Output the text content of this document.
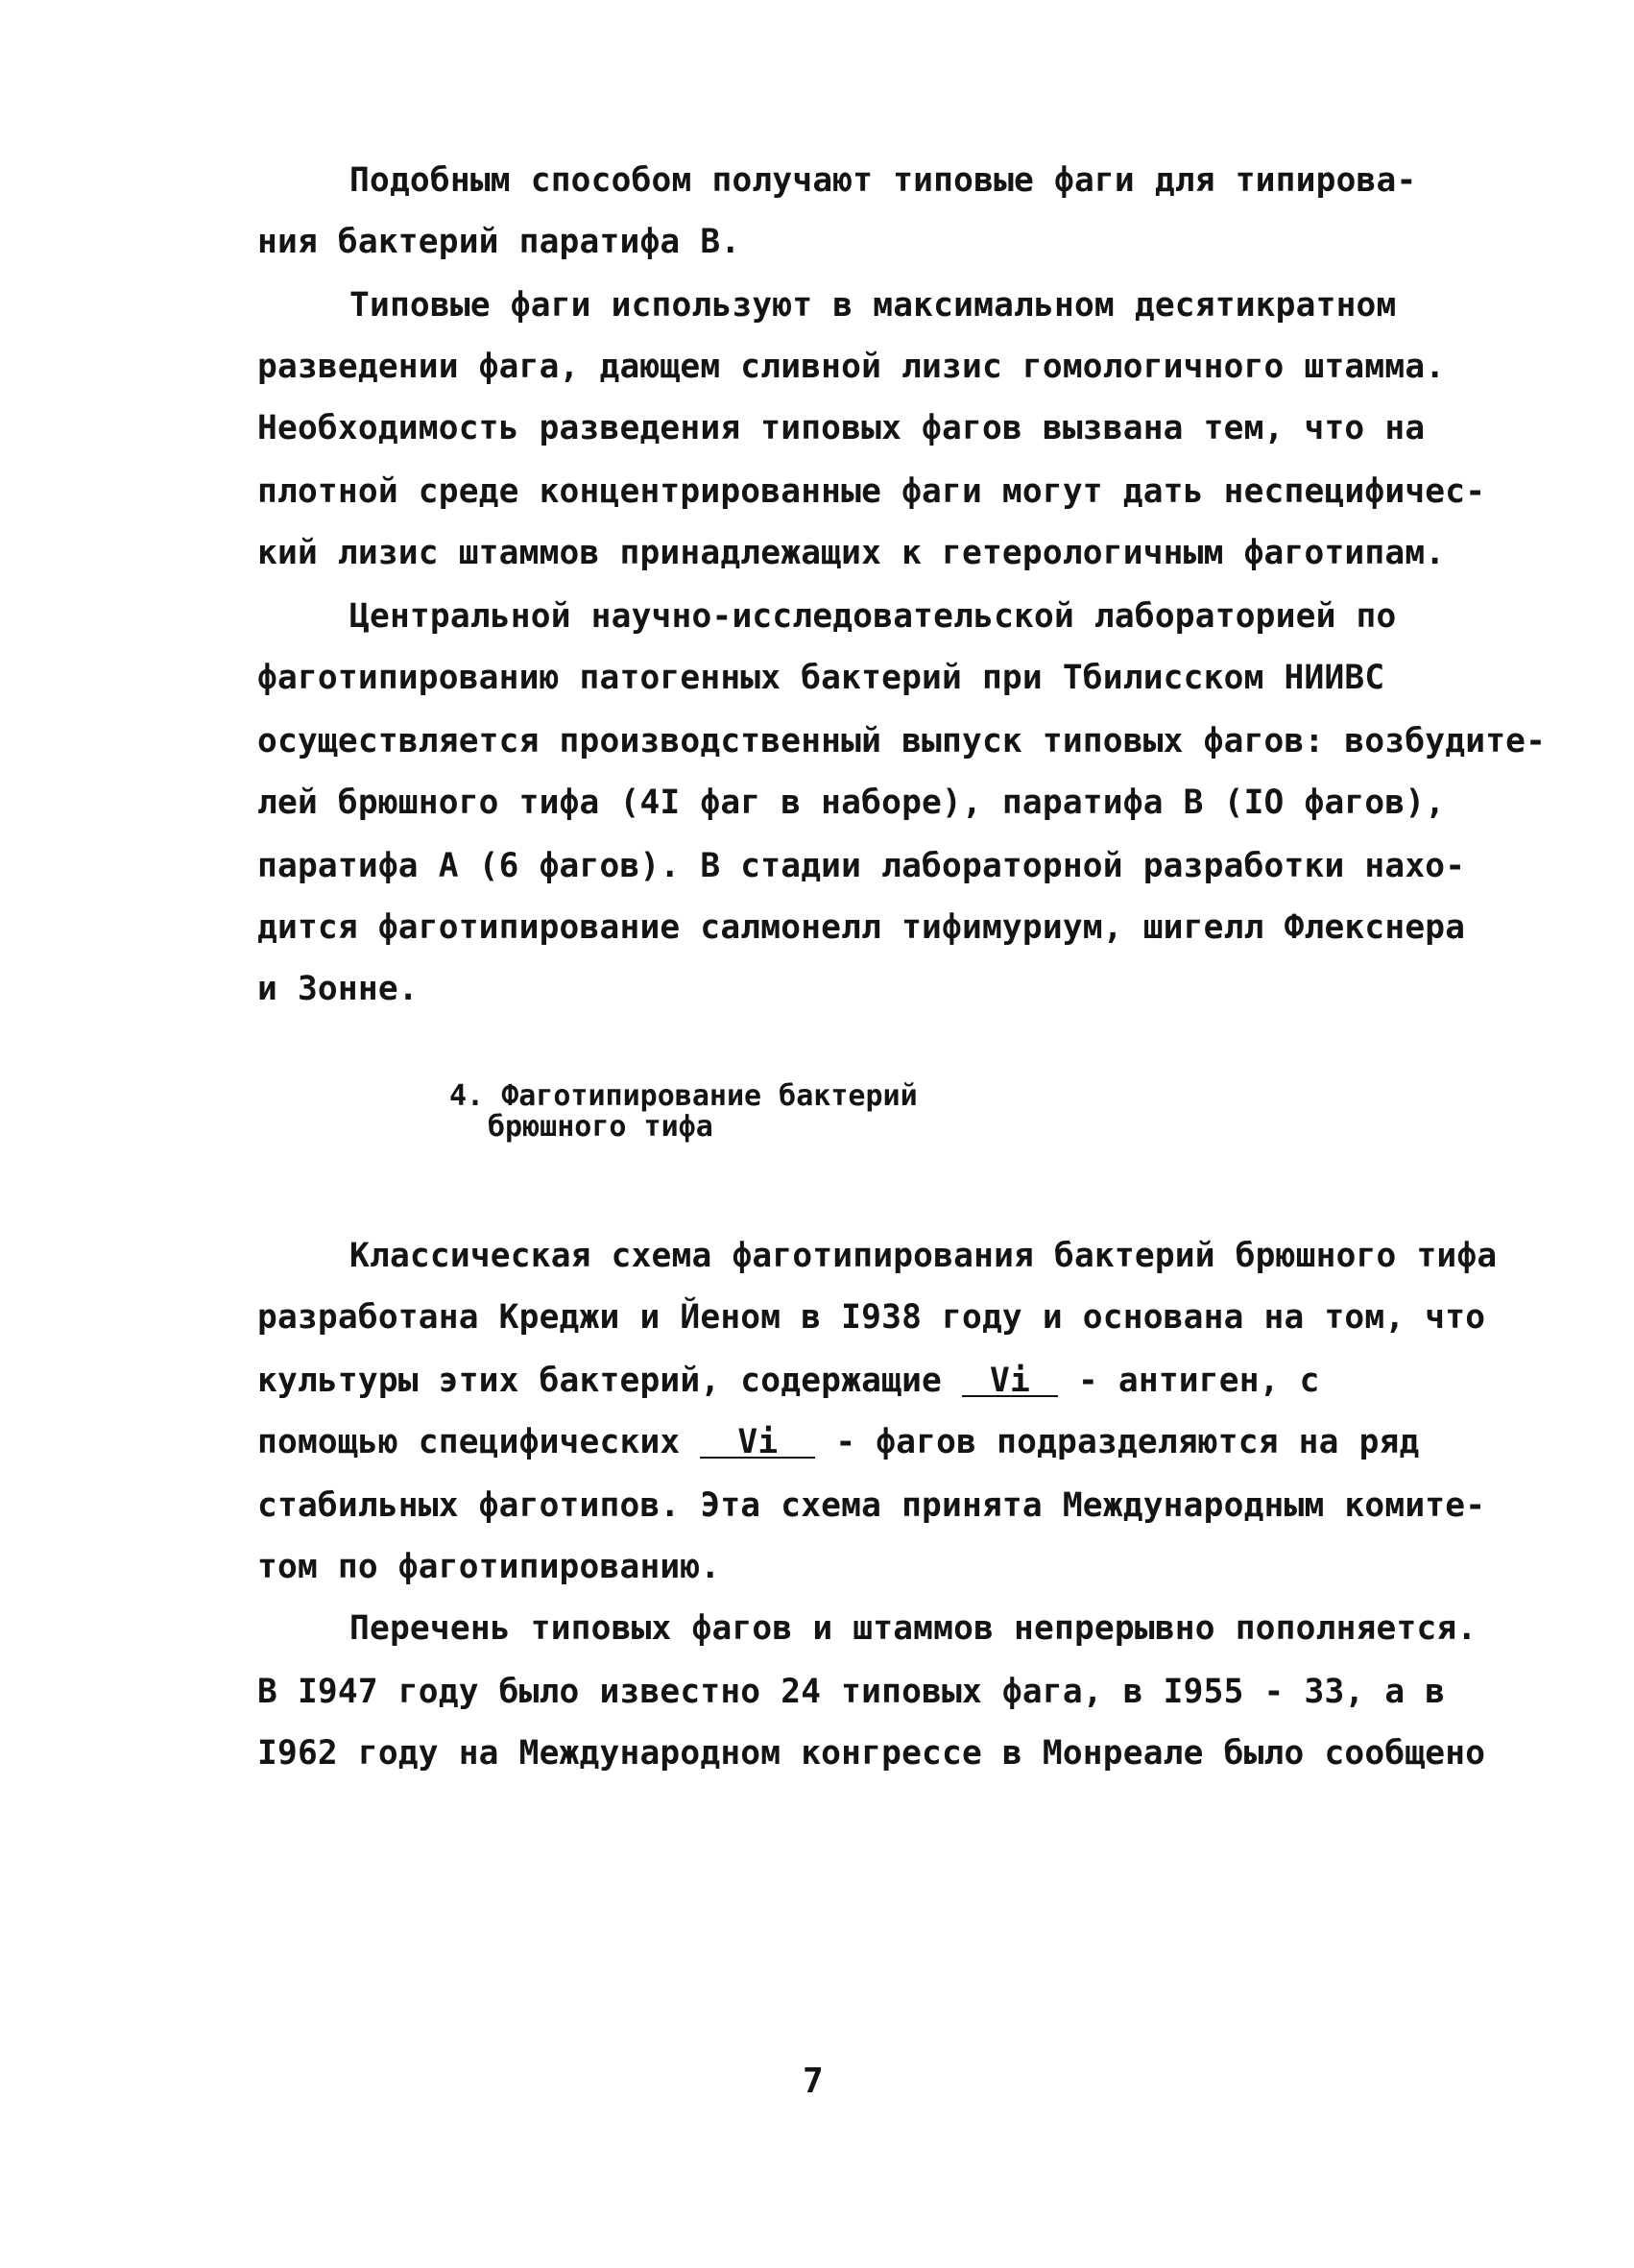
Подобным способом получают типовые фаги для типирова-
ния бактерий паратифа В.
Типовые фаги используют в максимальном десятикратном
разведении фага, дающем сливной лизис гомологичного штамма.
Необходимость разведения типовых фагов вызвана тем, что на
плотной среде концентрированные фаги могут дать неспецифичес-
кий лизис штаммов принадлежащих к гетерологичным фаготипам.
Центральной научно-исследовательской лабораторией по
фаготипированию патогенных бактерий при Тбилисском НИИВС
осуществляется производственный выпуск типовых фагов: возбудите-
лей брюшного тифа (4I фаг в наборе), паратифа В (IO фагов),
паратифа А (6 фагов). В стадии лабораторной разработки нахо-
дится фаготипирование салмонелл тифимуриум, шигелл Флекснера
и Зонне.
4. Фаготипирование бактерий
брюшного тифа
Классическая схема фаготипирования бактерий брюшного тифа
разработана Креджи и Йеном в I938 году и основана на том, что
культуры этих бактерий, содержащие Vi - антиген, с
помощью специфических Vi - фагов подразделяются на ряд
стабильных фаготипов. Эта схема принята Международным комите-
том по фаготипированию.
Перечень типовых фагов и штаммов непрерывно пополняется.
В I947 году было известно 24 типовых фага, в I955 - 33, а в
I962 году на Международном конгрессе в Монреале было сообщено
7
